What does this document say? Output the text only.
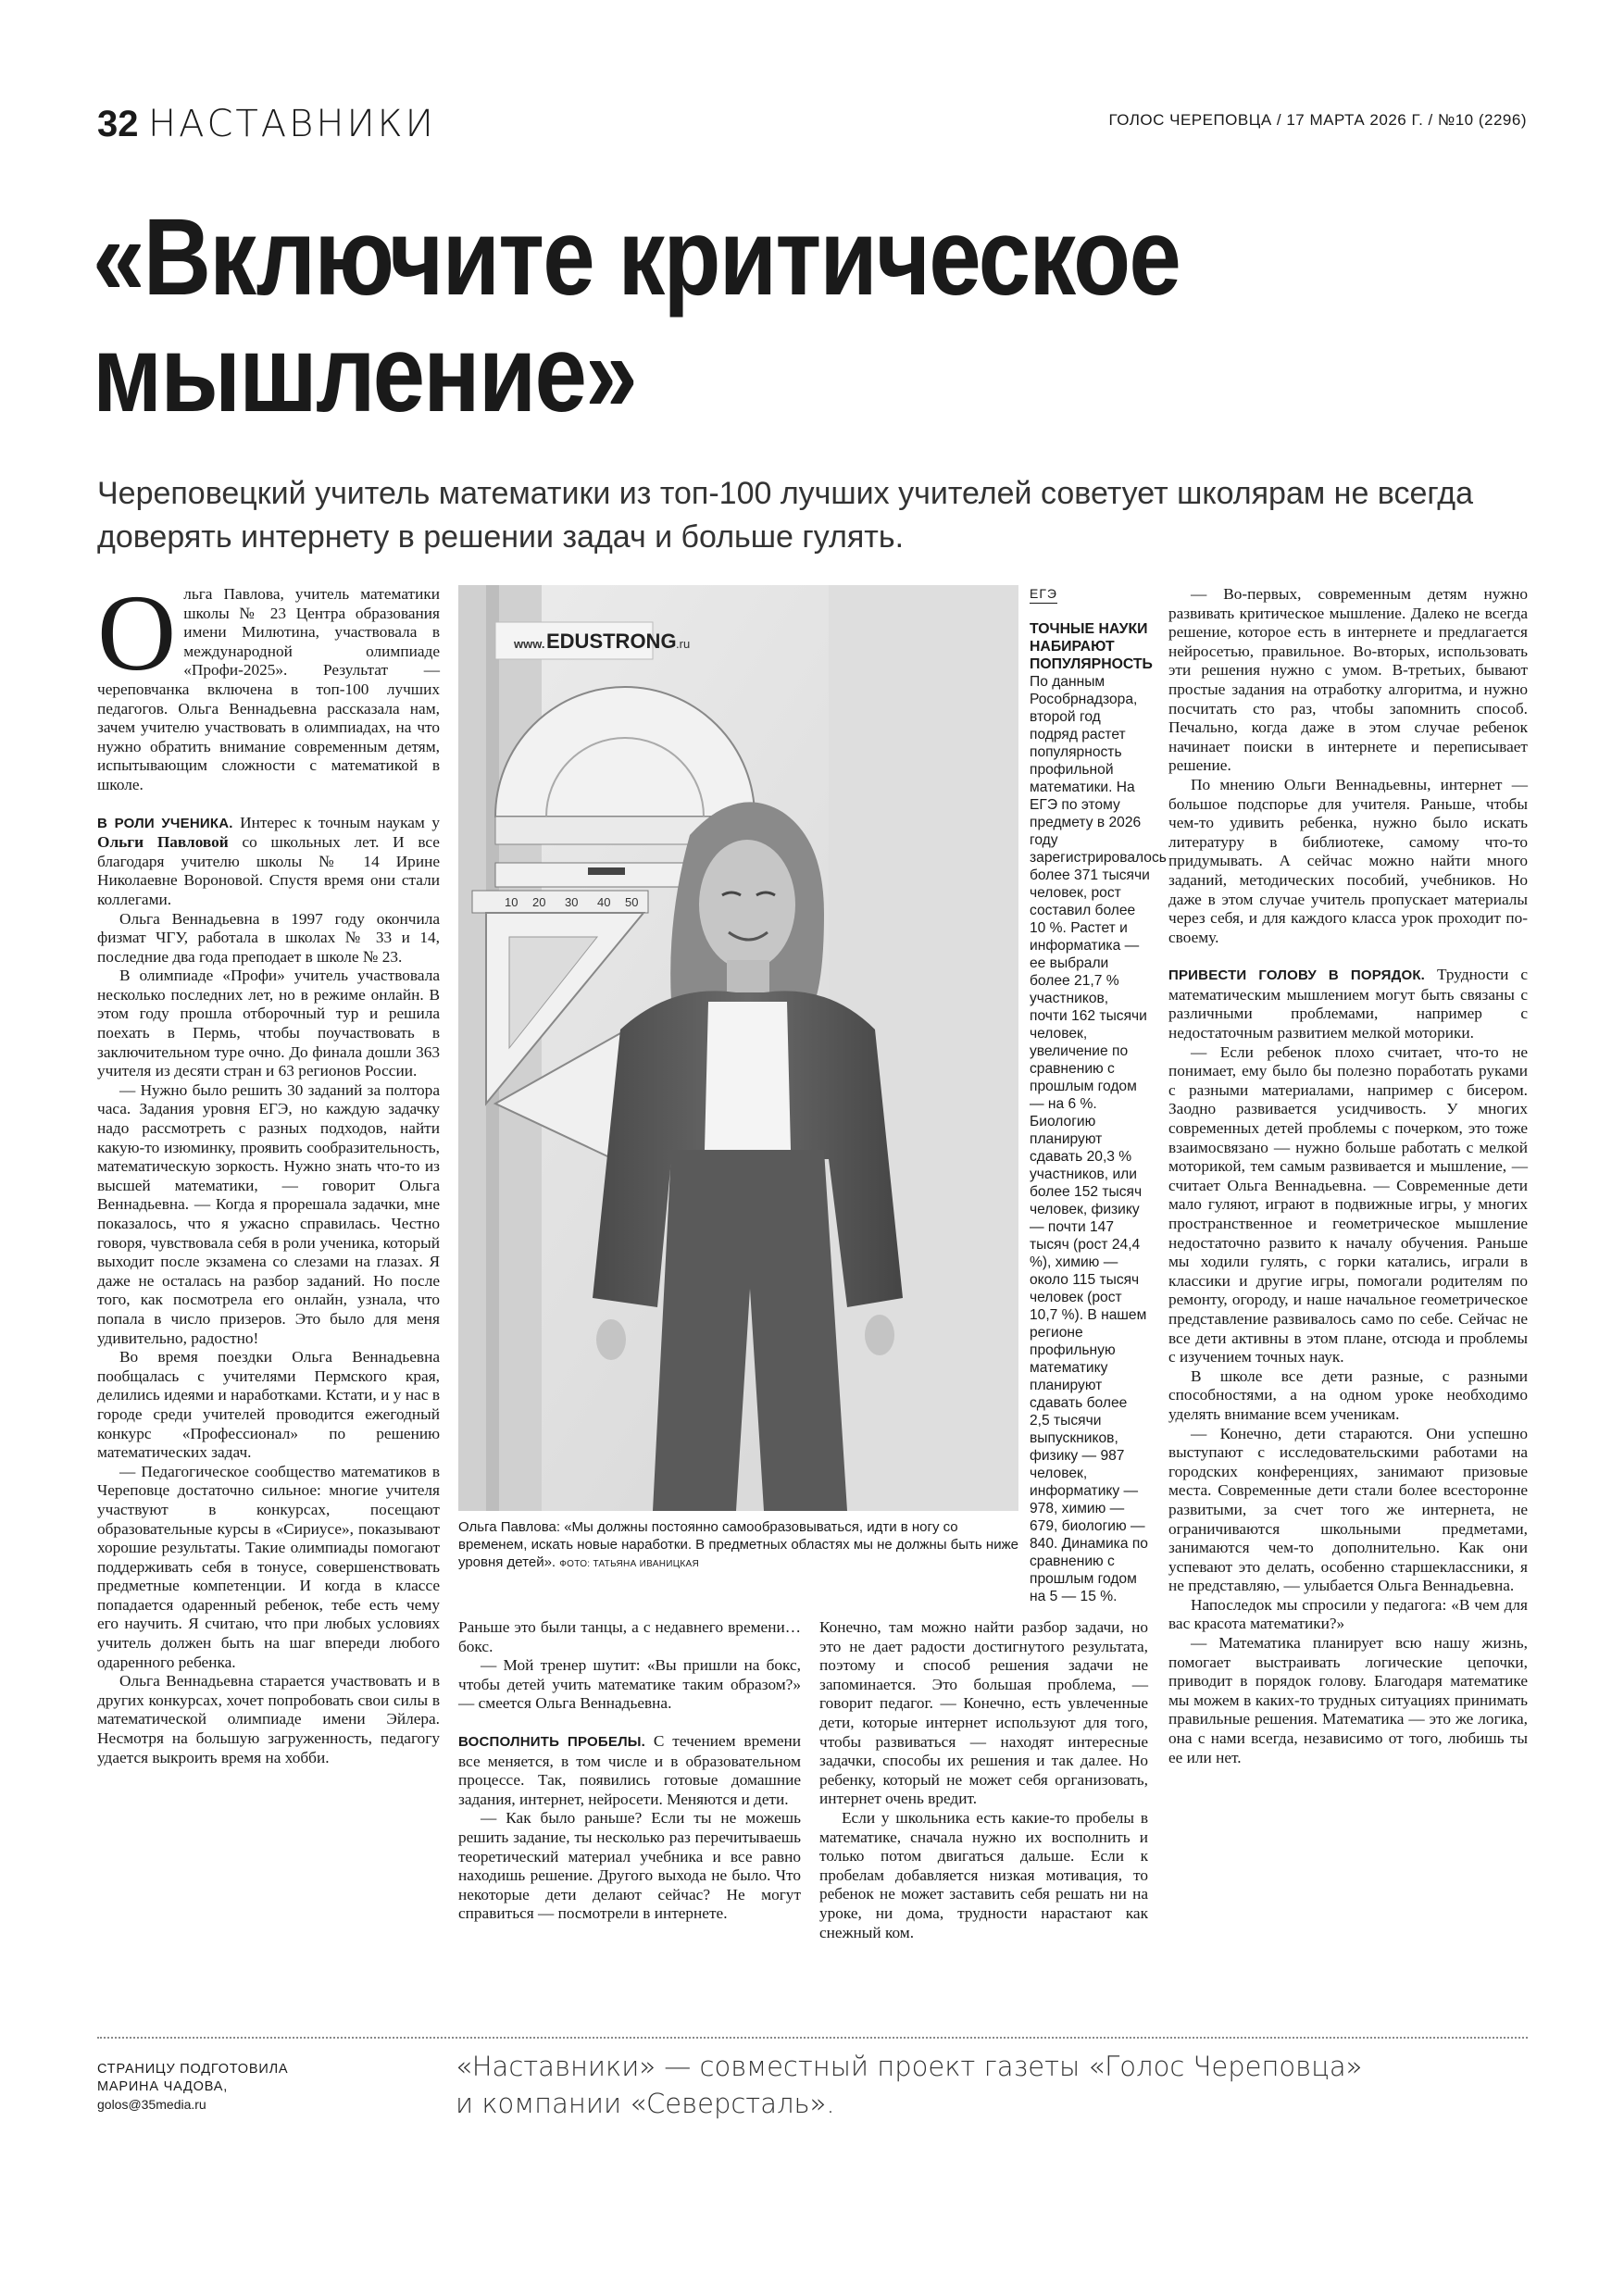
32 НАСТАВНИКИ	ГОЛОС ЧЕРЕПОВЦА / 17 МАРТА 2026 Г. / №10 (2296)
«Включите критическое
мышление»
Череповецкий учитель математики из топ-100 лучших учителей советует школярам не всегда доверять интернету в решении задач и больше гулять.

Ольга Павлова, учитель математики школы № 23 Центра образования имени Милютина, участвовала в международной олимпиаде «Профи-2025». Результат — череповчанка включена в топ-100 лучших педагогов. Ольга Веннадьевна рассказала нам, зачем учителю участвовать в олимпиадах, на что нужно обратить внимание современным детям, испытывающим сложности с математикой в школе.

В РОЛИ УЧЕНИКА. Интерес к точным наукам у Ольги Павловой со школьных лет. И все благодаря учителю школы № 14 Ирине Николаевне Вороновой. Спустя время они стали коллегами.

Ольга Веннадьевна в 1997 году окончила физмат ЧГУ, работала в школах № 33 и 14, последние два года преподает в школе № 23.

В олимпиаде «Профи» учитель участвовала несколько последних лет, но в режиме онлайн. В этом году прошла отборочный тур и решила поехать в Пермь, чтобы поучаствовать в заключительном туре очно. До финала дошли 363 учителя из десяти стран и 63 регионов России.

— Нужно было решить 30 заданий за полтора часа. Задания уровня ЕГЭ, но каждую задачку надо рассмотреть с разных подходов, найти какую-то изюминку, проявить сообразительность, математическую зоркость. Нужно знать что-то из высшей математики, — говорит Ольга Веннадьевна. — Когда я прорешала задачки, мне показалось, что я ужасно справилась. Честно говоря, чувствовала себя в роли ученика, который выходит после экзамена со слезами на глазах. Я даже не осталась на разбор заданий. Но после того, как посмотрела его онлайн, узнала, что попала в число призеров. Это было для меня удивительно, радостно!

Во время поездки Ольга Веннадьевна пообщалась с учителями Пермского края, делились идеями и наработками. Кстати, и у нас в городе среди учителей проводится ежегодный конкурс «Профессионал» по решению математических задач.

— Педагогическое сообщество математиков в Череповце достаточно сильное: многие учителя участвуют в конкурсах, посещают образовательные курсы в «Сириусе», показывают хорошие результаты. Такие олимпиады помогают поддерживать себя в тонусе, совершенствовать предметные компетенции. И когда в классе попадается одаренный ребенок, тебе есть чему его научить. Я считаю, что при любых условиях учитель должен быть на шаг впереди любого одаренного ребенка.

Ольга Веннадьевна старается участвовать и в других конкурсах, хочет попробовать свои силы в математической олимпиаде имени Эйлера. Несмотря на большую загруженность, педагогу удается выкроить время на хобби.

www. EDUSTRONG .ru
10 20 30 40 50
Ольга Павлова: «Мы должны постоянно самообразовываться, идти в ногу со временем, искать новые наработки. В предметных областях мы не должны быть ниже уровня детей». ФОТО: ТАТЬЯНА ИВАНИЦКАЯ
ЕГЭ
ТОЧНЫЕ НАУКИ
НАБИРАЮТ
ПОПУЛЯРНОСТЬ
По данным Рособрнадзора, второй год подряд растет популярность профильной математики. На ЕГЭ по этому предмету в 2026 году зарегистрировалось более 371 тысячи человек, рост составил более 10 %. Растет и информатика — ее выбрали более 21,7 % участников, почти 162 тысячи человек, увеличение по сравнению с прошлым годом — на 6 %. Биологию планируют сдавать 20,3 % участников, или более 152 тысяч человек, физику — почти 147 тысяч (рост 24,4 %), химию — около 115 тысяч человек (рост 10,7 %). В нашем регионе профильную математику планируют сдавать более 2,5 тысячи выпускников, физику — 987 человек, информатику — 978, химию — 679, биологию — 840. Динамика по сравнению с прошлым годом на 5 — 15 %.

Раньше это были танцы, а с недавнего времени… бокс.

— Мой тренер шутит: «Вы пришли на бокс, чтобы детей учить математике таким образом?» — смеется Ольга Веннадьевна.

ВОСПОЛНИТЬ ПРОБЕЛЫ. С течением времени все меняется, в том числе и в образовательном процессе. Так, появились готовые домашние задания, интернет, нейросети. Меняются и дети.

— Как было раньше? Если ты не можешь решить задание, ты несколько раз перечитываешь теоретический материал учебника и все равно находишь решение. Другого выхода не было. Что некоторые дети делают сейчас? Не могут справиться — посмотрели в интернете.

Конечно, там можно найти разбор задачи, но это не дает радости достигнутого результата, поэтому и способ решения задачи не запоминается. Это большая проблема, — говорит педагог. — Конечно, есть увлеченные дети, которые интернет используют для того, чтобы развиваться — находят интересные задачки, способы их решения и так далее. Но ребенку, который не может себя организовать, интернет очень вредит.

Если у школьника есть какие-то пробелы в математике, сначала нужно их восполнить и только потом двигаться дальше. Если к пробелам добавляется низкая мотивация, то ребенок не может заставить себя решать ни на уроке, ни дома, трудности нарастают как снежный ком.

— Во-первых, современным детям нужно развивать критическое мышление. Далеко не всегда решение, которое есть в интернете и предлагается нейросетью, правильное. Во-вторых, использовать эти решения нужно с умом. В-третьих, бывают простые задания на отработку алгоритма, и нужно посчитать сто раз, чтобы запомнить способ. Печально, когда даже в этом случае ребенок начинает поиски в интернете и переписывает решение.

По мнению Ольги Веннадьевны, интернет — большое подспорье для учителя. Раньше, чтобы чем-то удивить ребенка, нужно было искать литературу в библиотеке, самому что-то придумывать. А сейчас можно найти много заданий, методических пособий, учебников. Но даже в этом случае учитель пропускает материалы через себя, и для каждого класса урок проходит по-своему.

ПРИВЕСТИ ГОЛОВУ В ПОРЯДОК. Трудности с математическим мышлением могут быть связаны с различными проблемами, например с недостаточным развитием мелкой моторики.

— Если ребенок плохо считает, что-то не понимает, ему было бы полезно поработать руками с разными материалами, например с бисером. Заодно развивается усидчивость. У многих современных детей проблемы с почерком, это тоже взаимосвязано — нужно больше работать с мелкой моторикой, тем самым развивается и мышление, — считает Ольга Веннадьевна. — Современные дети мало гуляют, играют в подвижные игры, у многих пространственное и геометрическое мышление недостаточно развито к началу обучения. Раньше мы ходили гулять, с горки катались, играли в классики и другие игры, помогали родителям по ремонту, огороду, и наше начальное геометрическое представление развивалось само по себе. Сейчас не все дети активны в этом плане, отсюда и проблемы с изучением точных наук.

В школе все дети разные, с разными способностями, а на одном уроке необходимо уделять внимание всем ученикам.

— Конечно, дети стараются. Они успешно выступают с исследовательскими работами на городских конференциях, занимают призовые места. Современные дети стали более всесторонне развитыми, за счет того же интернета, не ограничиваются школьными предметами, занимаются чем-то дополнительно. Как они успевают это делать, особенно старшеклассники, я не представляю, — улыбается Ольга Веннадьевна.

Напоследок мы спросили у педагога: «В чем для вас красота математики?»

— Математика планирует всю нашу жизнь, помогает выстраивать логические цепочки, приводит в порядок голову. Благодаря математике мы можем в каких-то трудных ситуациях принимать правильные решения. Математика — это же логика, она с нами всегда, независимо от того, любишь ты ее или нет.

СТРАНИЦУ ПОДГОТОВИЛА
МАРИНА ЧАДОВА,
golos@35media.ru
«Наставники» — совместный проект газеты «Голос Череповца»
и компании «Северсталь».
